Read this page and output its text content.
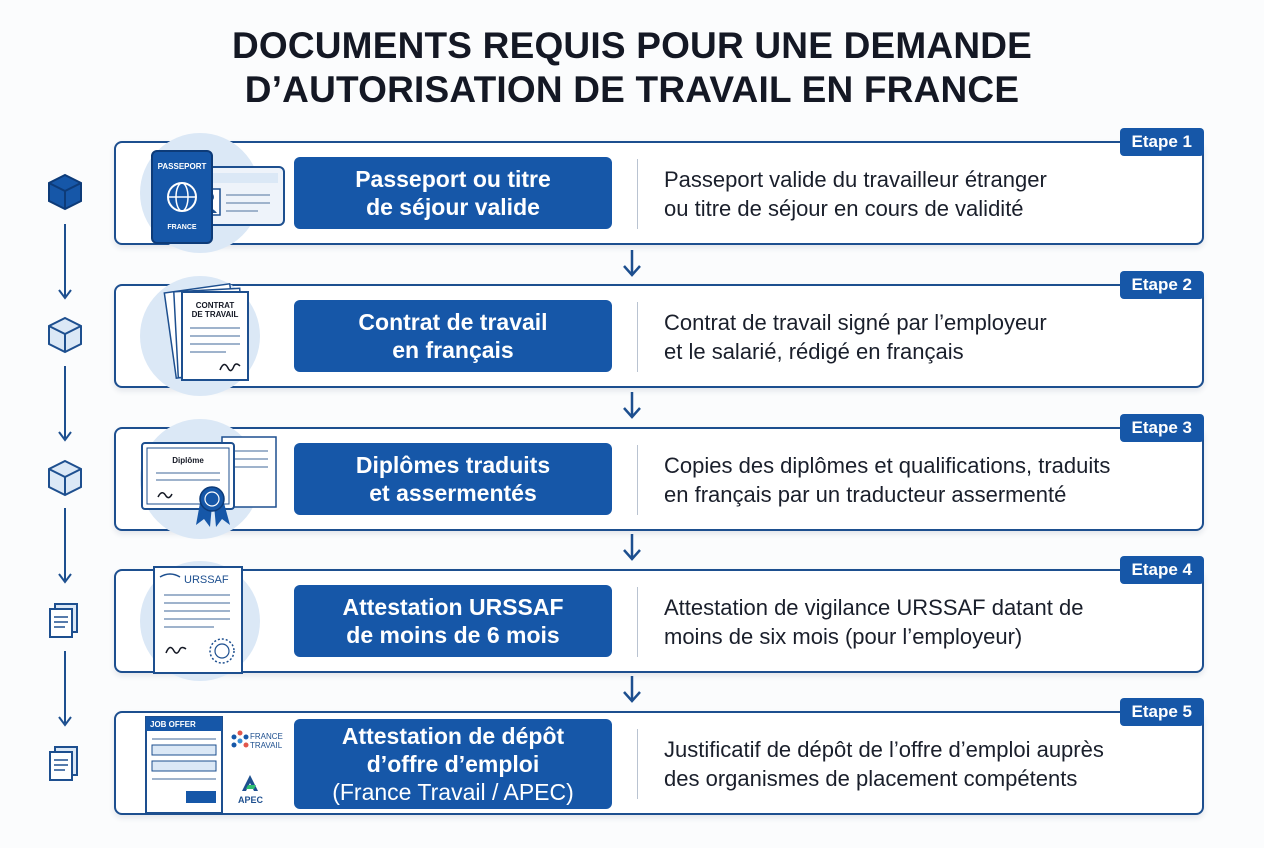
DOCUMENTS REQUIS POUR UNE DEMANDE
D’AUTORISATION DE TRAVAIL EN FRANCE
Etape 1
PASSEPORT
FRANCE
Passeport ou titre
de séjour valide
Passeport valide du travailleur étranger
ou titre de séjour en cours de validité
Etape 2
CONTRAT
DE TRAVAIL	Contrat de travail
en français
Contrat de travail signé par l’employeur
et le salarié, rédigé en français
Etape 3
Diplôme	Diplômes traduits
et assermentés
Copies des diplômes et qualifications, traduits
en français par un traducteur assermenté
Etape 4
URSSAF
Attestation URSSAF
de moins de 6 mois
Attestation de vigilance URSSAF datant de
moins de six mois (pour l’employeur)
Etape 5
JOB OFFER
FRANCE
TRAVAIL
APEC
Attestation de dépôt
d’offre d’emploi
(France Travail / APEC)
Justificatif de dépôt de l’offre d’emploi auprès
des organismes de placement compétents
